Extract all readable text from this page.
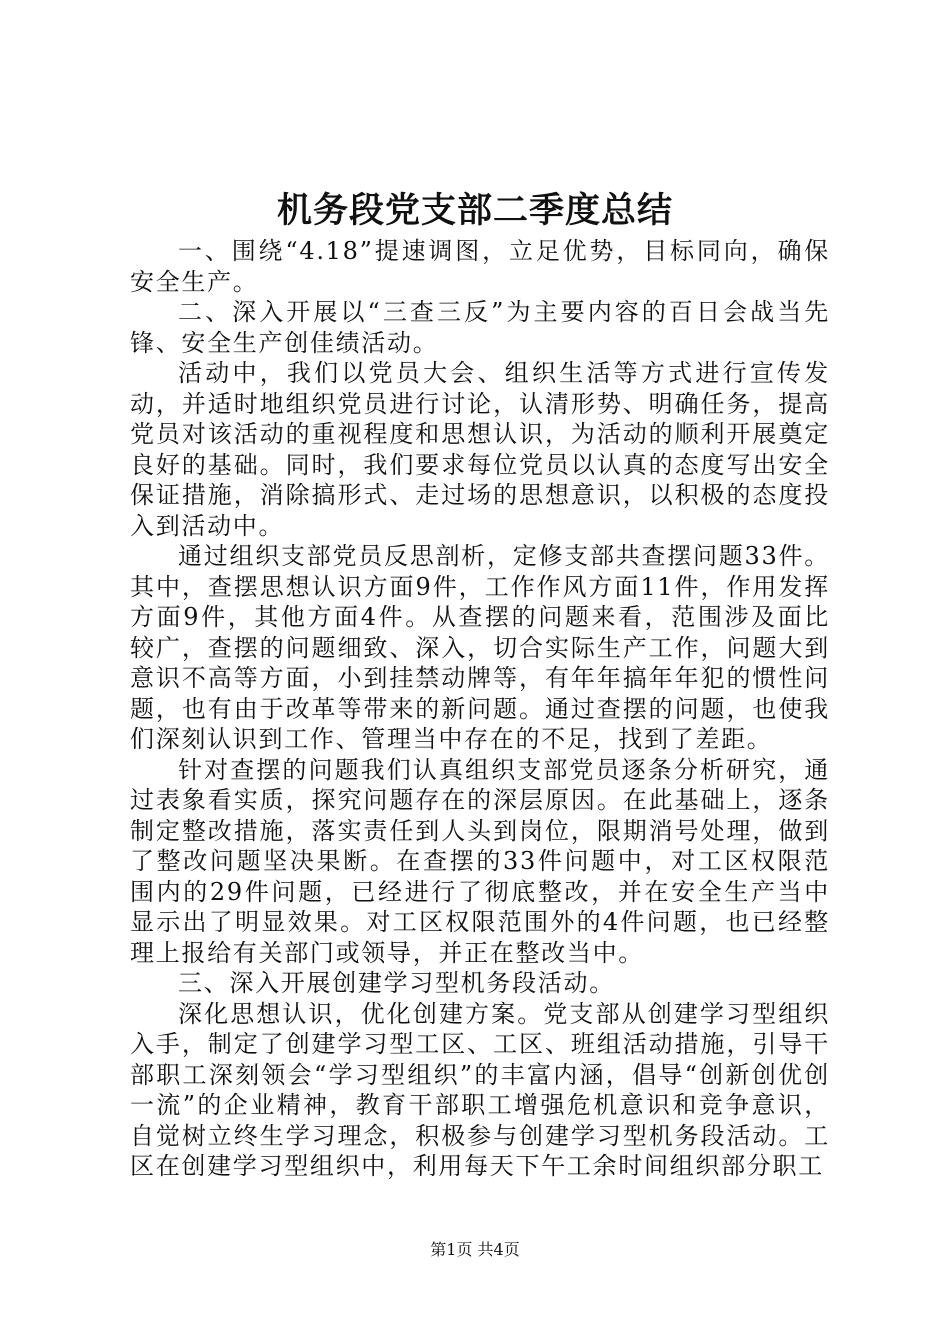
机务段党支部二季度总结

一、围绕“4.18”提速调图，立足优势，目标同向，确保安全生产。

二、深入开展以“三查三反”为主要内容的百日会战当先锋、安全生产创佳绩活动。

活动中，我们以党员大会、组织生活等方式进行宣传发动，并适时地组织党员进行讨论，认清形势、明确任务，提高党员对该活动的重视程度和思想认识，为活动的顺利开展奠定良好的基础。同时，我们要求每位党员以认真的态度写出安全保证措施，消除搞形式、走过场的思想意识，以积极的态度投入到活动中。

通过组织支部党员反思剖析，定修支部共查摆问题33件。其中，查摆思想认识方面9件，工作作风方面11件，作用发挥方面9件，其他方面4件。从查摆的问题来看，范围涉及面比较广，查摆的问题细致、深入，切合实际生产工作，问题大到意识不高等方面，小到挂禁动牌等，有年年搞年年犯的惯性问题，也有由于改革等带来的新问题。通过查摆的问题，也使我们深刻认识到工作、管理当中存在的不足，找到了差距。

针对查摆的问题我们认真组织支部党员逐条分析研究，通过表象看实质，探究问题存在的深层原因。在此基础上，逐条制定整改措施，落实责任到人头到岗位，限期消号处理，做到了整改问题坚决果断。在查摆的33件问题中，对工区权限范围内的29件问题，已经进行了彻底整改，并在安全生产当中显示出了明显效果。对工区权限范围外的4件问题，也已经整理上报给有关部门或领导，并正在整改当中。

三、深入开展创建学习型机务段活动。

深化思想认识，优化创建方案。党支部从创建学习型组织入手，制定了创建学习型工区、工区、班组活动措施，引导干部职工深刻领会“学习型组织”的丰富内涵，倡导“创新创优创一流”的企业精神，教育干部职工增强危机意识和竞争意识，自觉树立终生学习理念，积极参与创建学习型机务段活动。工区在创建学习型组织中，利用每天下午工余时间组织部分职工

第1页 共4页
